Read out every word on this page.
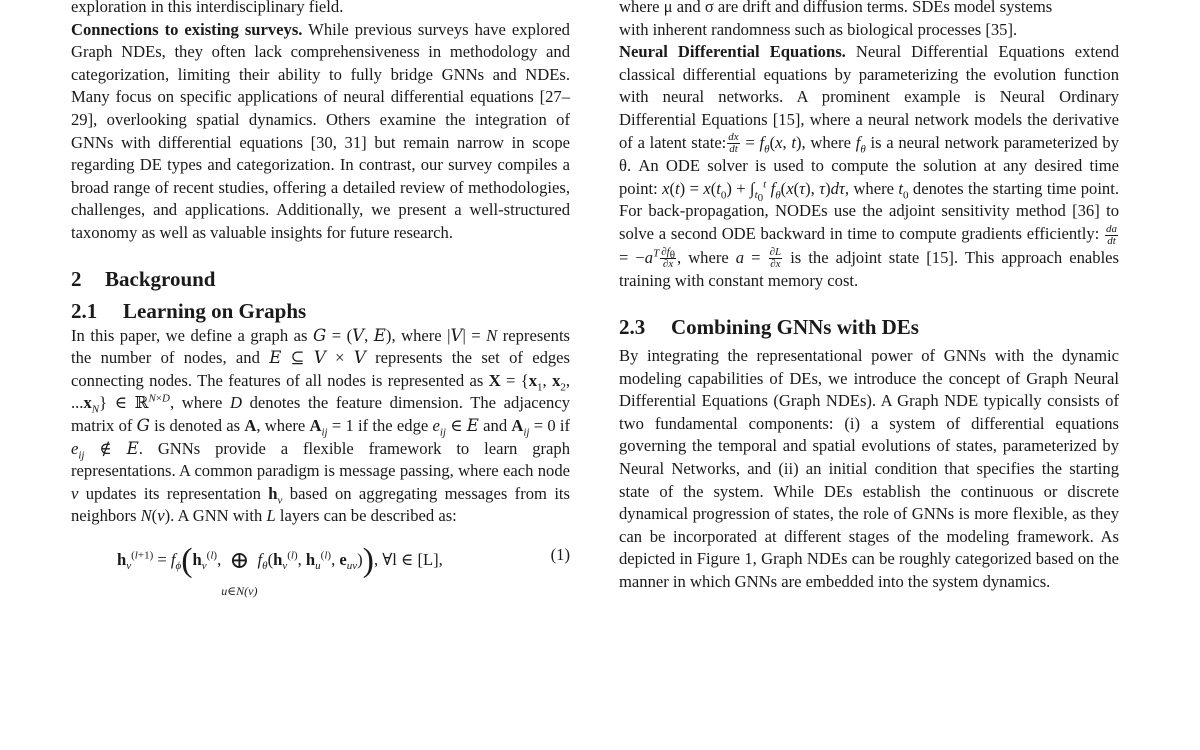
exploration in this interdisciplinary field.

Connections to existing surveys. While previous surveys have explored Graph NDEs, they often lack comprehensiveness in methodology and categorization, limiting their ability to fully bridge GNNs and NDEs. Many focus on specific applications of neural differential equations [27–29], overlooking spatial dynamics. Others examine the integration of GNNs with differential equations [30, 31] but remain narrow in scope regarding DE types and categorization. In contrast, our survey compiles a broad range of recent studies, offering a detailed review of methodologies, challenges, and applications. Additionally, we present a well-structured taxonomy as well as valuable insights for future research.

2 Background
2.1 Learning on Graphs

In this paper, we define a graph as G = (V, E), where |V| = N represents the number of nodes, and E ⊆ V × V represents the set of edges connecting nodes. The features of all nodes is represented as $X = \{x_1$, $x_2$, $...x_N$} ∈ ℝ$^{N\times D}$, where D denotes the feature dimension. The adjacency matrix of G is denoted as A, where $A_{ij} = 1$ if the edge $e_{ij}$ ∈ E and $A_{ij} = 0$ if $e_{ij}$ ∉ E. GNNs provide a flexible framework to learn graph representations. A common paradigm is message passing, where each node v updates its representation $h_v$ based on aggregating messages from its neighbors N(v). A GNN with L layers can be described as:

$h_v^{(l+1)} = f_\phi(h_v^{(l)}$, ⊕
u∈N(v)
$f_\theta(h_v^{(l)}$, $h_u^{(l)}$, $e_{uv}$)), ∀l ∈ [L],	(1)

where μ and σ are drift and diffusion terms. SDEs model systems

with inherent randomness such as biological processes [35].

Neural Differential Equations. Neural Differential Equations extend classical differential equations by parameterizing the evolution function with neural networks. A prominent example is Neural Ordinary Differential Equations [15], where a neural network models the derivative of a latent state: $\frac{dx}{dt} = f_\theta(x$, t), where $f_\theta$ is a neural network parameterized by θ. An ODE solver is used to compute the solution at any desired time point: $x(t) = x(t_0) + \int_{t_0}^t$ $f_\theta(x(\tau)$, τ)dτ, where $t_0$ denotes the starting time point. For back-propagation, NODEs use the adjoint sensitivity method [36] to solve a second ODE backward in time to compute gradients efficiently: $\frac{da}{dt}$
= $-a^T \frac{\partial f_\theta}{\partial x}$ , where $a = \frac{\partial L}{\partial x}$ is the adjoint state [15]. This approach enables training with constant memory cost.

2.3 Combining GNNs with DEs

By integrating the representational power of GNNs with the dynamic modeling capabilities of DEs, we introduce the concept of Graph Neural Differential Equations (Graph NDEs). A Graph NDE typically consists of two fundamental components: (i) a system of differential equations governing the temporal and spatial evolutions of states, parameterized by Neural Networks, and (ii) an initial condition that specifies the starting state of the system. While DEs establish the continuous or discrete dynamical progression of states, the role of GNNs is more flexible, as they can be incorporated at different stages of the modeling framework. As depicted in Figure 1, Graph NDEs can be roughly categorized based on the manner in which GNNs are embedded into the system dynamics.
